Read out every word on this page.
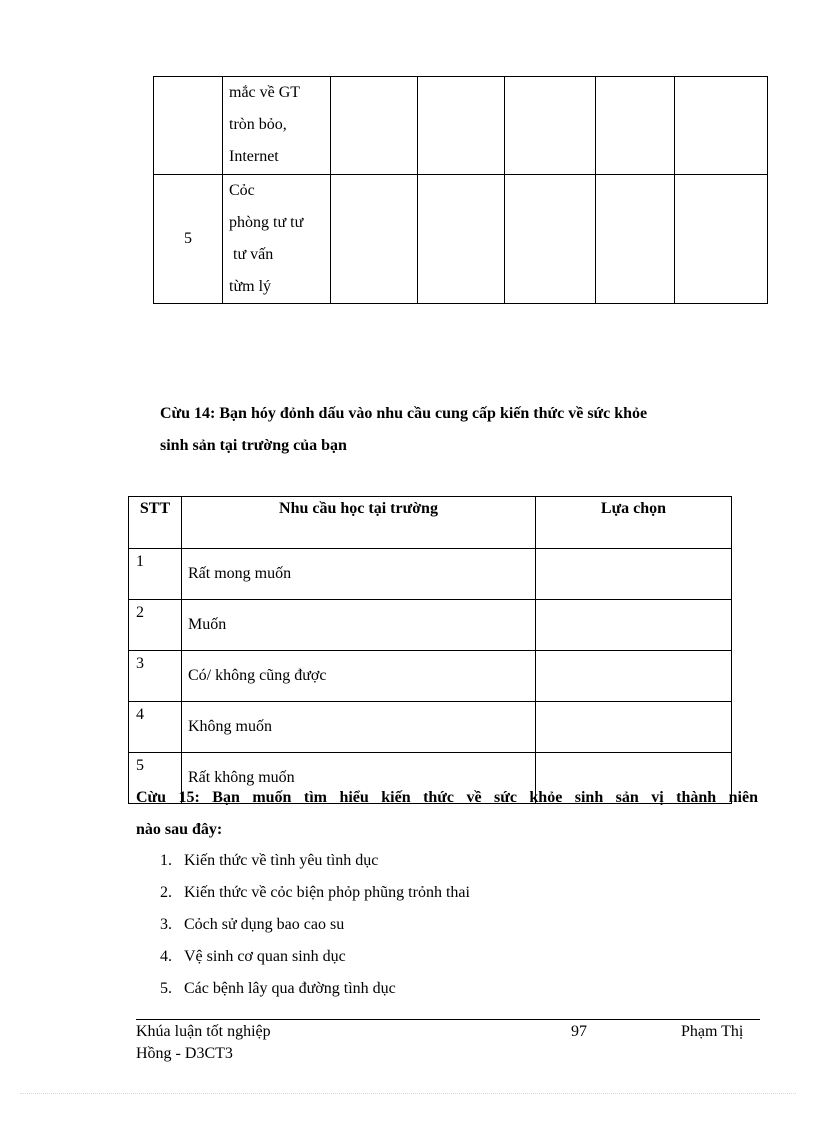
	mắc về GT
tròn bỏo,
Internet					

5	Cỏc
phòng tư tư
tư vấn
từm lý					

Cừu 14: Bạn hóy đỏnh dấu vào nhu cầu cung cấp kiến thức về sức khỏe
sinh sản tại trường của bạn
STT	Nhu cầu học tại trường	Lựa chọn
1	Rất mong muốn	
2	Muốn	
3	Có/ không cũng được	
4	Không muốn	
5	Rất không muốn	
Cừu 15: Bạn muốn tìm hiểu kiến thức về sức khỏe sinh sản vị thành niên
nào sau đây:
1. Kiến thức về tình yêu tình dục
2. Kiến thức về cỏc biện phỏp phũng trỏnh thai
3. Cỏch sử dụng bao cao su
4. Vệ sinh cơ quan sinh dục
5. Các bệnh lây qua đường tình dục
Khúa luận tốt nghiệp	97	Phạm Thị
Hồng - D3CT3
